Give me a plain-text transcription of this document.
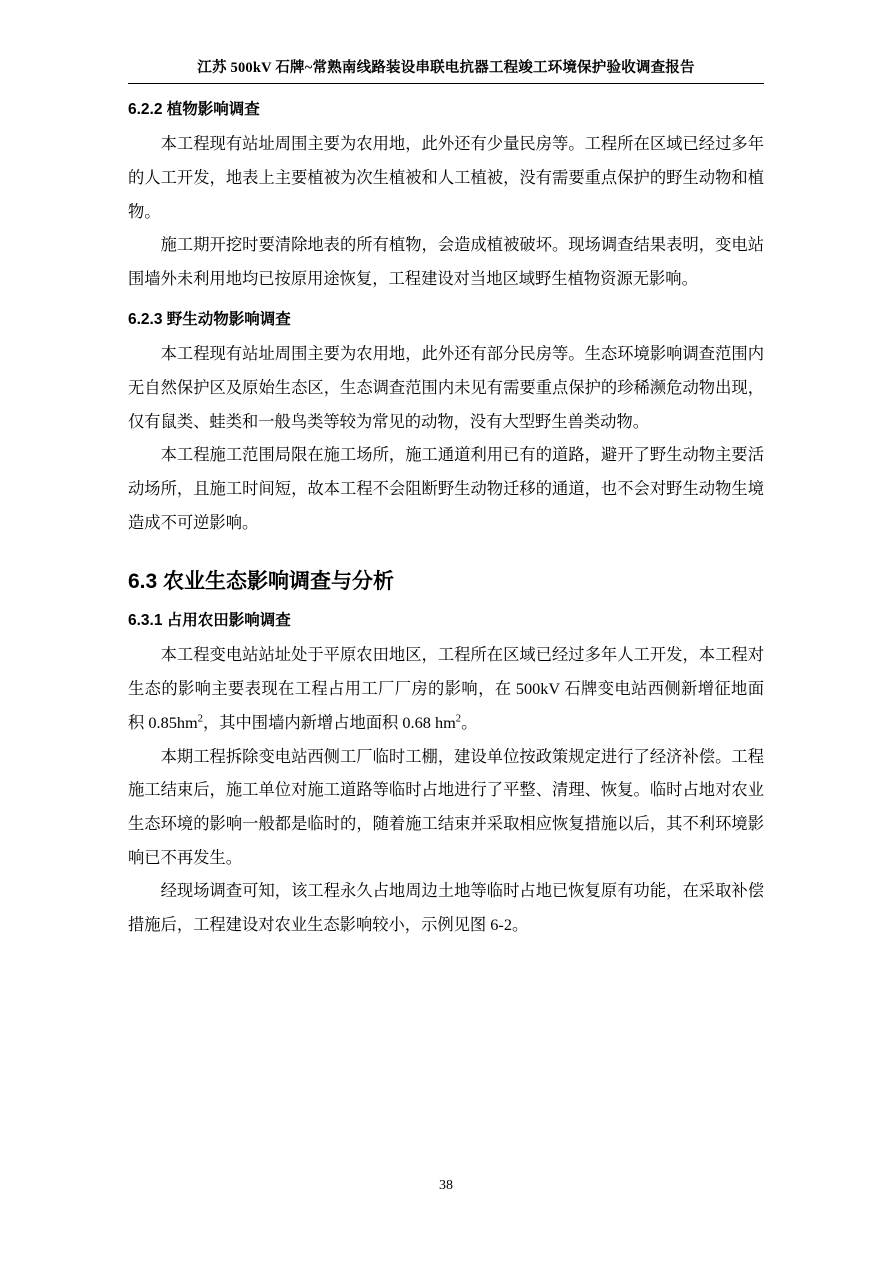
江苏 500kV 石牌~常熟南线路装设串联电抗器工程竣工环境保护验收调查报告
6.2.2 植物影响调查

本工程现有站址周围主要为农用地，此外还有少量民房等。工程所在区域已经过多年的人工开发，地表上主要植被为次生植被和人工植被，没有需要重点保护的野生动物和植物。

施工期开挖时要清除地表的所有植物，会造成植被破坏。现场调查结果表明，变电站围墙外未利用地均已按原用途恢复，工程建设对当地区域野生植物资源无影响。

6.2.3 野生动物影响调查

本工程现有站址周围主要为农用地，此外还有部分民房等。生态环境影响调查范围内无自然保护区及原始生态区，生态调查范围内未见有需要重点保护的珍稀濒危动物出现，仅有鼠类、蛙类和一般鸟类等较为常见的动物，没有大型野生兽类动物。

本工程施工范围局限在施工场所，施工通道利用已有的道路，避开了野生动物主要活动场所，且施工时间短，故本工程不会阻断野生动物迁移的通道，也不会对野生动物生境造成不可逆影响。

6.3 农业生态影响调查与分析
6.3.1 占用农田影响调查

本工程变电站站址处于平原农田地区，工程所在区域已经过多年人工开发，本工程对生态的影响主要表现在工程占用工厂厂房的影响，在 500kV 石牌变电站西侧新增征地面积 $0.85hm^2$，其中围墙内新增占地面积 0.68 $hm^2$。

本期工程拆除变电站西侧工厂临时工棚，建设单位按政策规定进行了经济补偿。工程施工结束后，施工单位对施工道路等临时占地进行了平整、清理、恢复。临时占地对农业生态环境的影响一般都是临时的，随着施工结束并采取相应恢复措施以后，其不利环境影响已不再发生。

经现场调查可知，该工程永久占地周边土地等临时占地已恢复原有功能，在采取补偿措施后，工程建设对农业生态影响较小，示例见图 6-2。

38
